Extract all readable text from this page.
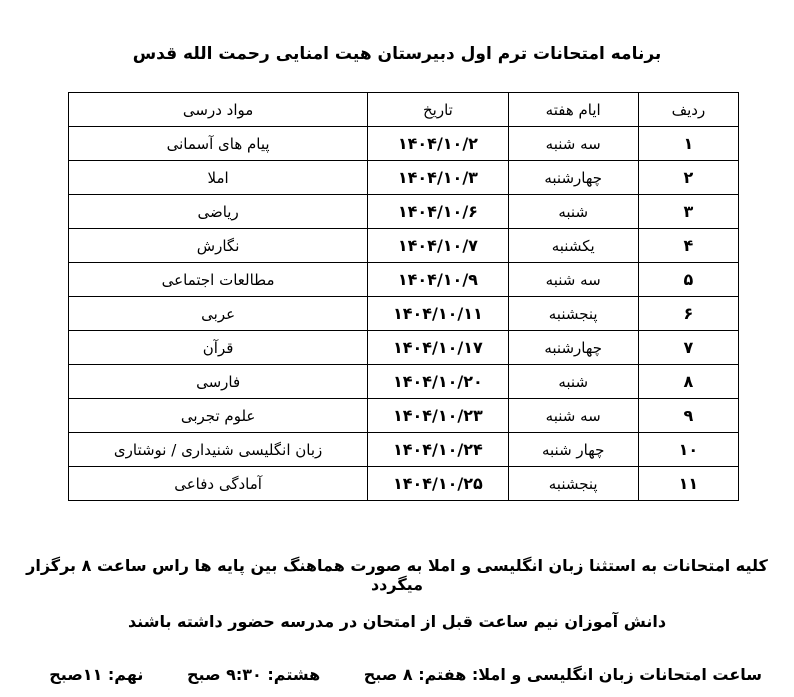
برنامه امتحانات ترم اول دبیرستان هیت امنایی رحمت الله قدس
ردیف	ایام هفته	تاریخ	مواد درسی
۱	سه شنبه	۱۴۰۴/۱۰/۲	پیام های آسمانی
۲	چهارشنبه	۱۴۰۴/۱۰/۳	املا
۳	شنبه	۱۴۰۴/۱۰/۶	ریاضی
۴	یکشنبه	۱۴۰۴/۱۰/۷	نگارش
۵	سه شنبه	۱۴۰۴/۱۰/۹	مطالعات اجتماعی
۶	پنجشنبه	۱۴۰۴/۱۰/۱۱	عربی
۷	چهارشنبه	۱۴۰۴/۱۰/۱۷	قرآن
۸	شنبه	۱۴۰۴/۱۰/۲۰	فارسی
۹	سه شنبه	۱۴۰۴/۱۰/۲۳	علوم تجربی
۱۰	چهار شنبه	۱۴۰۴/۱۰/۲۴	زبان انگلیسی شنیداری / نوشتاری
۱۱	پنجشنبه	۱۴۰۴/۱۰/۲۵	آمادگی دفاعی
کلیه امتحانات به استثنا زبان انگلیسی و املا به صورت هماهنگ بین پایه ها راس ساعت ۸ برگزار میگردد
دانش آموزان نیم ساعت قبل از امتحان در مدرسه حضور داشته باشند
ساعت امتحانات زبان انگلیسی و املا: هفتم: ۸ صبح هشتم: ۹:۳۰ صبح نهم: ۱۱صبح
